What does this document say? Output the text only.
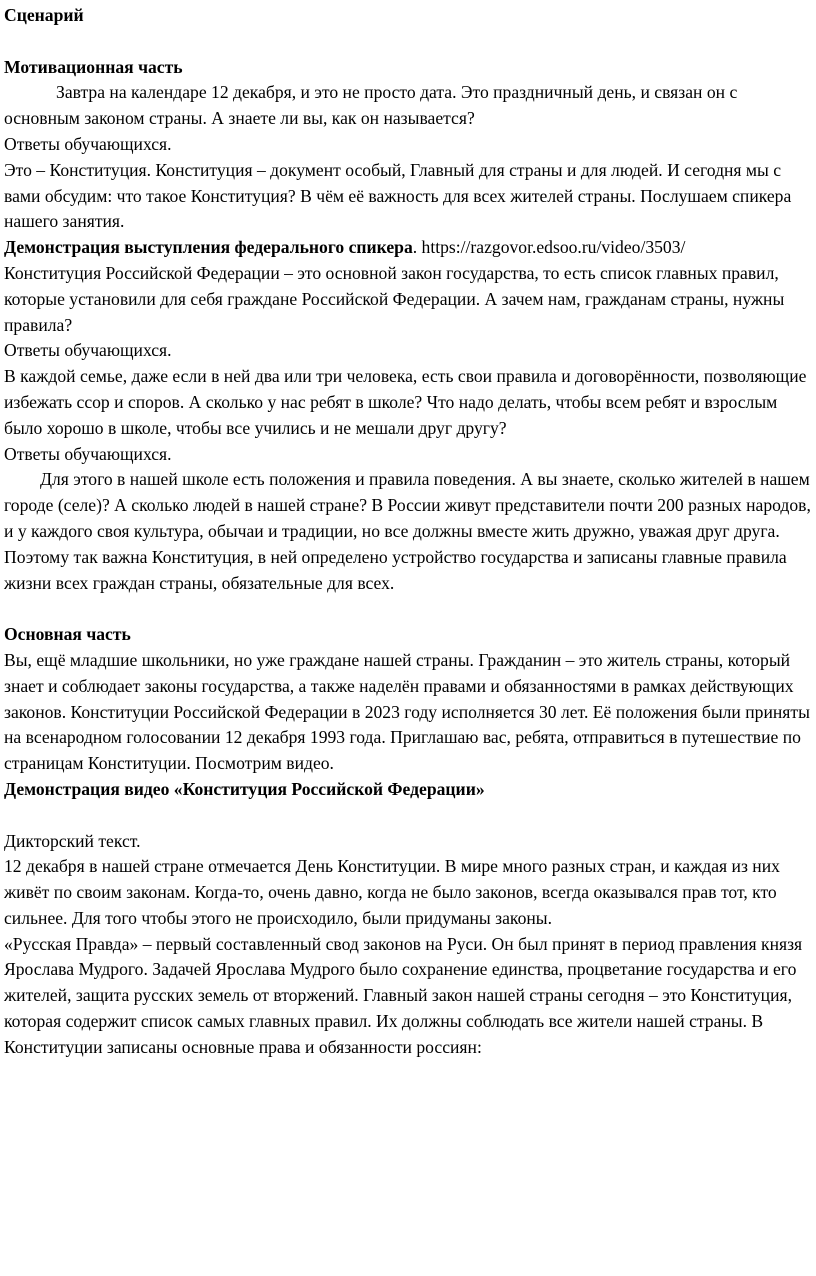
Сценарий

Мотивационная часть

Завтра на календаре 12 декабря, и это не просто дата. Это праздничный день, и связан он с основным законом страны. А знаете ли вы, как он называется?

Ответы обучающихся.

Это – Конституция. Конституция – документ особый, Главный для страны и для людей. И сегодня мы с вами обсудим: что такое Конституция? В чём её важность для всех жителей страны. Послушаем спикера нашего занятия.

Демонстрация выступления федерального спикера. https://razgovor.edsoo.ru/video/3503/

Конституция Российской Федерации – это основной закон государства, то есть список главных правил, которые установили для себя граждане Российской Федерации. А зачем нам, гражданам страны, нужны правила?

Ответы обучающихся.

В каждой семье, даже если в ней два или три человека, есть свои правила и договорённости, позволяющие избежать ссор и споров. А сколько у нас ребят в школе? Что надо делать, чтобы всем ребят и взрослым было хорошо в школе, чтобы все учились и не мешали друг другу?

Ответы обучающихся.

Для этого в нашей школе есть положения и правила поведения. А вы знаете, сколько жителей в нашем городе (селе)? А сколько людей в нашей стране? В России живут представители почти 200 разных народов, и у каждого своя культура, обычаи и традиции, но все должны вместе жить дружно, уважая друг друга. Поэтому так важна Конституция, в ней определено устройство государства и записаны главные правила жизни всех граждан страны, обязательные для всех.

Основная часть

Вы, ещё младшие школьники, но уже граждане нашей страны. Гражданин – это житель страны, который знает и соблюдает законы государства, а также наделён правами и обязанностями в рамках действующих законов. Конституции Российской Федерации в 2023 году исполняется 30 лет. Её положения были приняты на всенародном голосовании 12 декабря 1993 года. Приглашаю вас, ребята, отправиться в путешествие по страницам Конституции. Посмотрим видео.

Демонстрация видео «Конституция Российской Федерации»

Дикторский текст.

12 декабря в нашей стране отмечается День Конституции. В мире много разных стран, и каждая из них живёт по своим законам. Когда-то, очень давно, когда не было законов, всегда оказывался прав тот, кто сильнее. Для того чтобы этого не происходило, были придуманы законы.

«Русская Правда» – первый составленный свод законов на Руси. Он был принят в период правления князя Ярослава Мудрого. Задачей Ярослава Мудрого было сохранение единства, процветание государства и его жителей, защита русских земель от вторжений. Главный закон нашей страны сегодня – это Конституция, которая содержит список самых главных правил. Их должны соблюдать все жители нашей страны. В Конституции записаны основные права и обязанности россиян:
